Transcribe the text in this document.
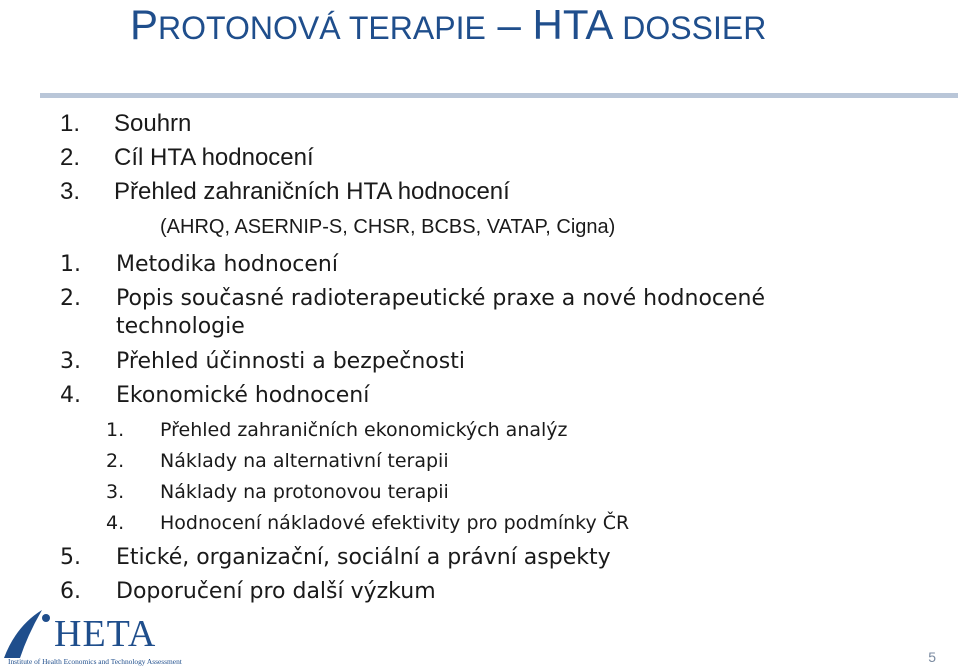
PROTONOVÁ TERAPIE – HTA DOSSIER
1. Souhrn
2. Cíl HTA hodnocení
3. Přehled zahraničních HTA hodnocení
(AHRQ, ASERNIP-S, CHSR, BCBS, VATAP, Cigna)
1. Metodika hodnocení
2. Popis současné radioterapeutické praxe a nové hodnocené
technologie
3. Přehled účinnosti a bezpečnosti
4. Ekonomické hodnocení
1. Přehled zahraničních ekonomických analýz
2. Náklady na alternativní terapii
3. Náklady na protonovou terapii
4. Hodnocení nákladové efektivity pro podmínky ČR
5. Etické, organizační, sociální a právní aspekty
6. Doporučení pro další výzkum
HETA
Institute of Health Economics and Technology Assessment	5
